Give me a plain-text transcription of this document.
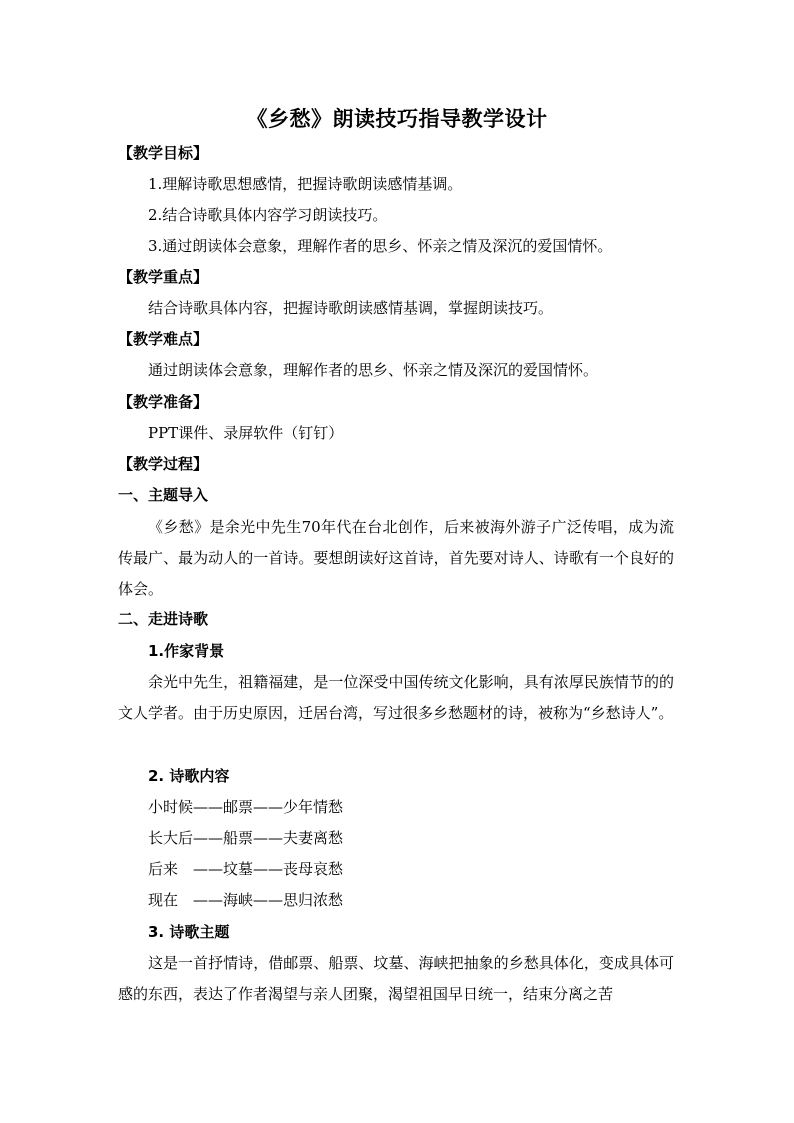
《乡愁》朗读技巧指导教学设计
【教学目标】
1.理解诗歌思想感情，把握诗歌朗读感情基调。
2.结合诗歌具体内容学习朗读技巧。
3.通过朗读体会意象，理解作者的思乡、怀亲之情及深沉的爱国情怀。
【教学重点】
结合诗歌具体内容，把握诗歌朗读感情基调，掌握朗读技巧。
【教学难点】
通过朗读体会意象，理解作者的思乡、怀亲之情及深沉的爱国情怀。
【教学准备】
PPT课件、录屏软件（钉钉）
【教学过程】
一、主题导入
《乡愁》是余光中先生70年代在台北创作，后来被海外游子广泛传唱，成为流传最广、最为动人的一首诗。要想朗读好这首诗，首先要对诗人、诗歌有一个良好的体会。
二、走进诗歌
1.作家背景
余光中先生，祖籍福建，是一位深受中国传统文化影响，具有浓厚民族情节的的文人学者。由于历史原因，迁居台湾，写过很多乡愁题材的诗，被称为“乡愁诗人”。
2. 诗歌内容
小时候——邮票——少年情愁
长大后——船票——夫妻离愁
后来　——坟墓——丧母哀愁
现在　——海峡——思归浓愁
3. 诗歌主题
这是一首抒情诗，借邮票、船票、坟墓、海峡把抽象的乡愁具体化，变成具体可感的东西，表达了作者渴望与亲人团聚，渴望祖国早日统一，结束分离之苦
